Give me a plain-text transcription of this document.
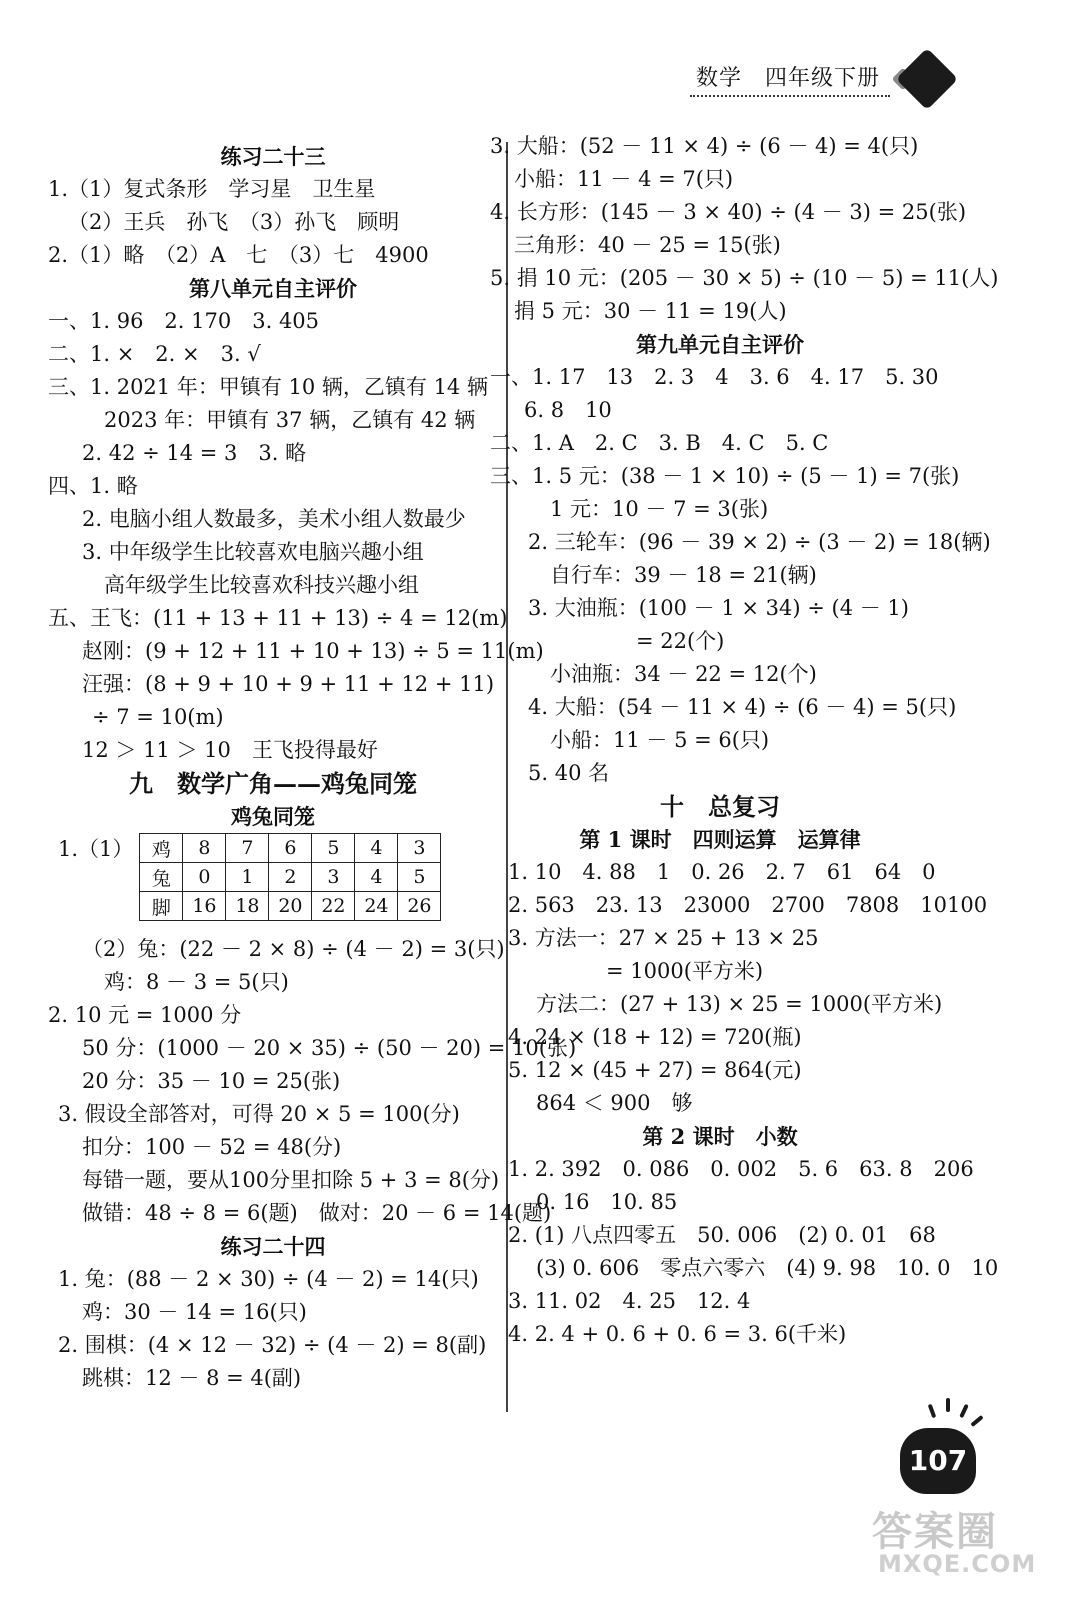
数学　四年级下册
练习二十三
1.（1）复式条形　学习星　卫生星
（2）王兵　孙飞　（3）孙飞　顾明
2.（1）略　（2）A　七　（3）七　4900
第八单元自主评价
一、1. 96　2. 170　3. 405
二、1. ×　2. ×　3. √
三、1. 2021 年：甲镇有 10 辆，乙镇有 14 辆
2023 年：甲镇有 37 辆，乙镇有 42 辆
2. 42 ÷ 14 = 3　3. 略
四、1. 略
2. 电脑小组人数最多，美术小组人数最少
3. 中年级学生比较喜欢电脑兴趣小组
高年级学生比较喜欢科技兴趣小组
五、王飞：(11 + 13 + 11 + 13) ÷ 4 = 12(m)
赵刚：(9 + 12 + 11 + 10 + 13) ÷ 5 = 11(m)
汪强：(8 + 9 + 10 + 9 + 11 + 12 + 11)
÷ 7 = 10(m)
12 ＞ 11 ＞ 10　王飞投得最好
九　数学广角——鸡兔同笼
鸡兔同笼
1.（1） 鸡	8	7	6	5	4	3
兔	0	1	2	3	4	5
脚	16	18	20	22	24	26
（2）兔：(22 － 2 × 8) ÷ (4 － 2) = 3(只)
鸡：8 － 3 = 5(只)
2. 10 元 = 1000 分
50 分：(1000 － 20 × 35) ÷ (50 － 20) = 10(张)
20 分：35 － 10 = 25(张)
3. 假设全部答对，可得 20 × 5 = 100(分)
扣分：100 － 52 = 48(分)
每错一题，要从100分里扣除 5 + 3 = 8(分)
做错：48 ÷ 8 = 6(题)　做对：20 － 6 = 14(题)
练习二十四
1. 兔：(88 － 2 × 30) ÷ (4 － 2) = 14(只)
鸡：30 － 14 = 16(只)
2. 围棋：(4 × 12 － 32) ÷ (4 － 2) = 8(副)
跳棋：12 － 8 = 4(副)
3. 大船：(52 － 11 × 4) ÷ (6 － 4) = 4(只)
小船：11 － 4 = 7(只)
4. 长方形：(145 － 3 × 40) ÷ (4 － 3) = 25(张)
三角形：40 － 25 = 15(张)
5. 捐 10 元：(205 － 30 × 5) ÷ (10 － 5) = 11(人)
捐 5 元：30 － 11 = 19(人)
第九单元自主评价
一、1. 17　13　2. 3　4　3. 6　4. 17　5. 30
6. 8　10
二、1. A　2. C　3. B　4. C　5. C
三、1. 5 元：(38 － 1 × 10) ÷ (5 － 1) = 7(张)
1 元：10 － 7 = 3(张)
2. 三轮车：(96 － 39 × 2) ÷ (3 － 2) = 18(辆)
自行车：39 － 18 = 21(辆)
3. 大油瓶：(100 － 1 × 34) ÷ (4 － 1)
= 22(个)
小油瓶：34 － 22 = 12(个)
4. 大船：(54 － 11 × 4) ÷ (6 － 4) = 5(只)
小船：11 － 5 = 6(只)
5. 40 名
十　总复习
第 1 课时　四则运算　运算律
1. 10　4. 88　1　0. 26　2. 7　61　64　0
2. 563　23. 13　23000　2700　7808　10100
3. 方法一：27 × 25 + 13 × 25
= 1000(平方米)
方法二：(27 + 13) × 25 = 1000(平方米)
4. 24 × (18 + 12) = 720(瓶)
5. 12 × (45 + 27) = 864(元)
864 ＜ 900　够
第 2 课时　小数
1. 2. 392　0. 086　0. 002　5. 6　63. 8　206
0. 16　10. 85
2. (1) 八点四零五　50. 006　(2) 0. 01　68
(3) 0. 606　零点六零六　(4) 9. 98　10. 0　10
3. 11. 02　4. 25　12. 4
4. 2. 4 + 0. 6 + 0. 6 = 3. 6(千米)
107
答案圈
MXQE.COM
